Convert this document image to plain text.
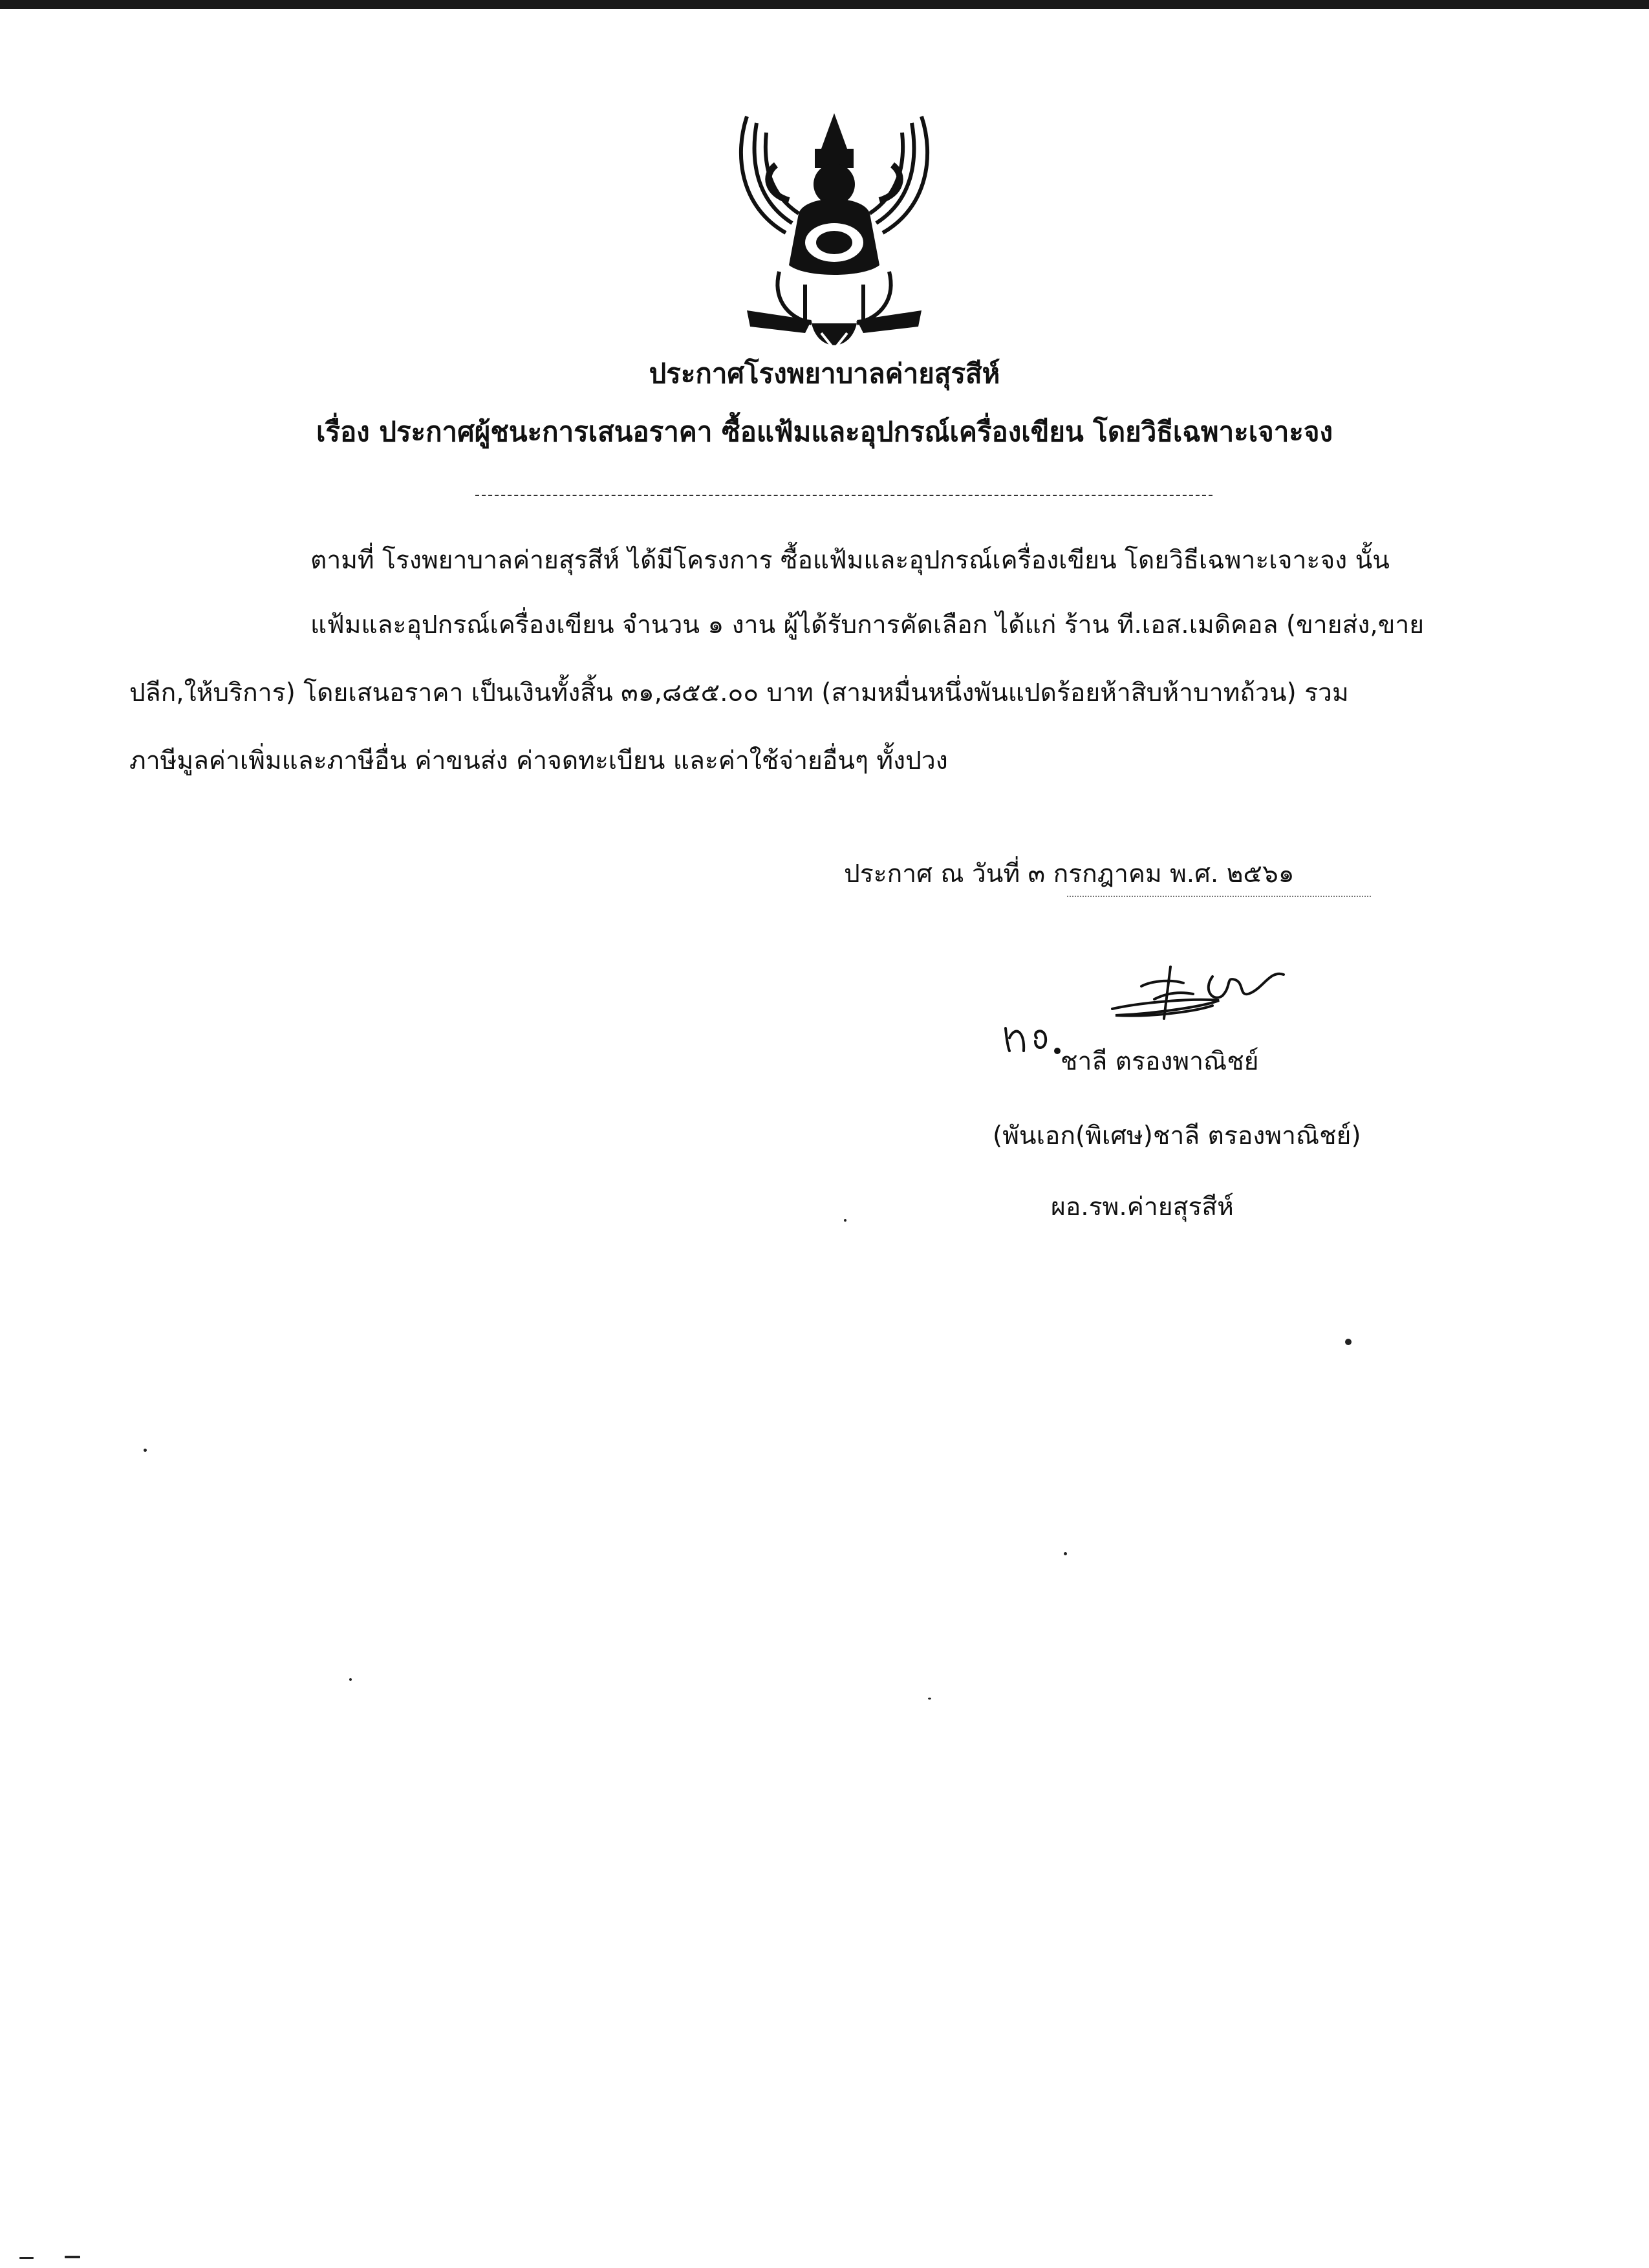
ประกาศโรงพยาบาลค่ายสุรสีห์
เรื่อง ประกาศผู้ชนะการเสนอราคา ซื้อแฟ้มและอุปกรณ์เครื่องเขียน โดยวิธีเฉพาะเจาะจง
ตามที่ โรงพยาบาลค่ายสุรสีห์ ได้มีโครงการ ซื้อแฟ้มและอุปกรณ์เครื่องเขียน โดยวิธีเฉพาะเจาะจง นั้น
แฟ้มและอุปกรณ์เครื่องเขียน จำนวน ๑ งาน ผู้ได้รับการคัดเลือก ได้แก่ ร้าน ที.เอส.เมดิคอล (ขายส่ง,ขาย
ปลีก,ให้บริการ) โดยเสนอราคา เป็นเงินทั้งสิ้น ๓๑,๘๕๕.๐๐ บาท (สามหมื่นหนึ่งพันแปดร้อยห้าสิบห้าบาทถ้วน) รวม
ภาษีมูลค่าเพิ่มและภาษีอื่น ค่าขนส่ง ค่าจดทะเบียน และค่าใช้จ่ายอื่นๆ ทั้งปวง
ประกาศ ณ วันที่ ๓ กรกฎาคม พ.ศ. ๒๕๖๑
ชาลี ตรองพาณิชย์
(พันเอก(พิเศษ)ชาลี ตรองพาณิชย์)
ผอ.รพ.ค่ายสุรสีห์
